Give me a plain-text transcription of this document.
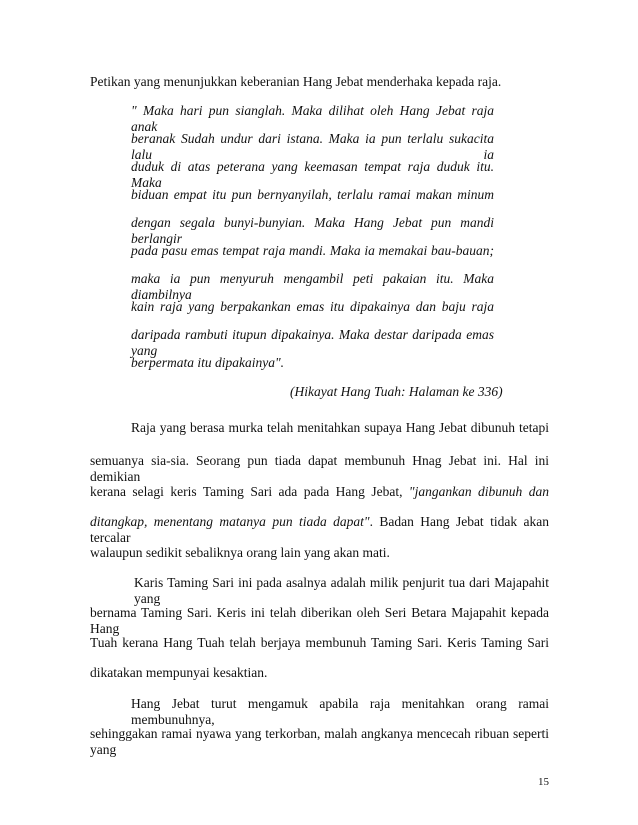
Petikan yang menunjukkan keberanian Hang Jebat menderhaka kepada raja.
" Maka hari pun sianglah. Maka dilihat oleh Hang Jebat raja anak
beranak Sudah undur dari istana. Maka ia pun terlalu sukacita lalu ia
duduk di atas peterana yang keemasan tempat raja duduk itu. Maka
biduan empat itu pun bernyanyilah, terlalu ramai makan minum
dengan segala bunyi-bunyian. Maka Hang Jebat pun mandi berlangir
pada pasu emas tempat raja mandi. Maka ia memakai bau-bauan;
maka ia pun menyuruh mengambil peti pakaian itu. Maka diambilnya
kain raja yang berpakankan emas itu dipakainya dan baju raja
daripada rambuti itupun dipakainya. Maka destar daripada emas yang
berpermata itu dipakainya".
(Hikayat Hang Tuah: Halaman ke 336)
Raja yang berasa murka telah menitahkan supaya Hang Jebat dibunuh tetapi
semuanya sia-sia. Seorang pun tiada dapat membunuh Hnag Jebat ini. Hal ini demikian
kerana selagi keris Taming Sari ada pada Hang Jebat, "jangankan dibunuh dan
ditangkap, menentang matanya pun tiada dapat". Badan Hang Jebat tidak akan tercalar
walaupun sedikit sebaliknya orang lain yang akan mati.
Karis Taming Sari ini pada asalnya adalah milik penjurit tua dari Majapahit yang
bernama Taming Sari. Keris ini telah diberikan oleh Seri Betara Majapahit kepada Hang
Tuah kerana Hang Tuah telah berjaya membunuh Taming Sari. Keris Taming Sari
dikatakan mempunyai kesaktian.
Hang Jebat turut mengamuk apabila raja menitahkan orang ramai membunuhnya,
sehinggakan ramai nyawa yang terkorban, malah angkanya mencecah ribuan seperti yang
15
